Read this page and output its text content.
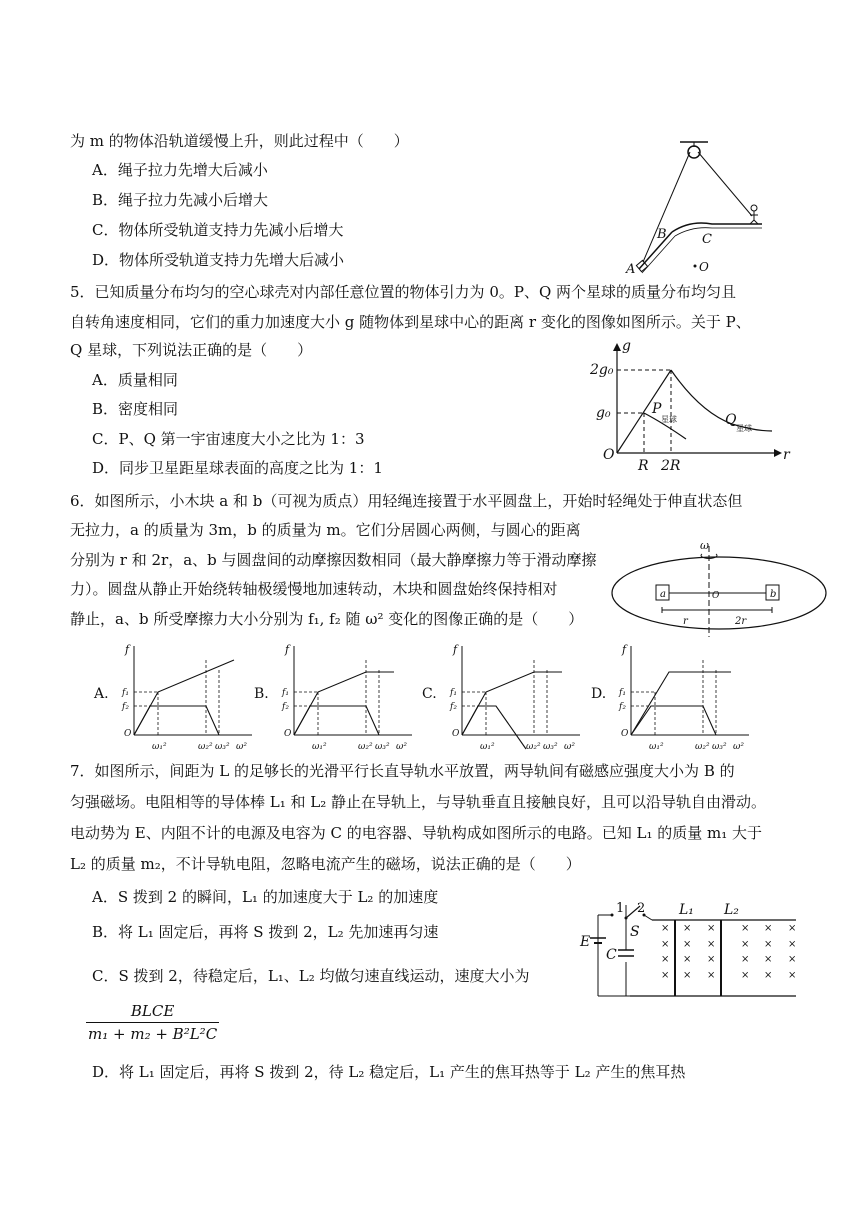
为 m 的物体沿轨道缓慢上升，则此过程中（　　）
A．绳子拉力先增大后减小
B．绳子拉力先减小后增大
C．物体所受轨道支持力先减小后增大
D．物体所受轨道支持力先增大后减小
A
B	C
O
5．已知质量分布均匀的空心球壳对内部任意位置的物体引力为 0。P、Q 两个星球的质量分布均匀且
自转角速度相同，它们的重力加速度大小 g 随物体到星球中心的距离 r 变化的图像如图所示。关于 P、
Q 星球，下列说法正确的是（　　）
A．质量相同
B．密度相同
C．P、Q 第一宇宙速度大小之比为 1：3
D．同步卫星距星球表面的高度之比为 1：1
g
r
O
2g₀
g₀
R 2R
P
星球	Q
星球
6．如图所示，小木块 a 和 b（可视为质点）用轻绳连接置于水平圆盘上，开始时轻绳处于伸直状态但
无拉力，a 的质量为 3m，b 的质量为 m。它们分居圆心两侧，与圆心的距离
分别为 r 和 2r，a、b 与圆盘间的动摩擦因数相同（最大静摩擦力等于滑动摩擦
力）。圆盘从静止开始绕转轴极缓慢地加速转动，木块和圆盘始终保持相对
静止，a、b 所受摩擦力大小分别为 f₁, f₂ 随 ω² 变化的图像正确的是（　　）
ω
a	b
O
r	2r
A.
f
O
f₁
f₂
ω₁²	ω₂² ω₃² ω²
B.
f
O
f₁
f₂
ω₁²	ω₂² ω₃² ω²
C.
f
O
f₁
f₂
ω₁²	ω₂² ω₃² ω²
D.
f
O
f₁
f₂
ω₁²	ω₂² ω₃² ω²
7．如图所示，间距为 L 的足够长的光滑平行长直导轨水平放置，两导轨间有磁感应强度大小为 B 的
匀强磁场。电阻相等的导体棒 L₁ 和 L₂ 静止在导轨上，与导轨垂直且接触良好，且可以沿导轨自由滑动。
电动势为 E、内阻不计的电源及电容为 C 的电容器、导轨构成如图所示的电路。已知 L₁ 的质量 m₁ 大于
L₂ 的质量 m₂，不计导轨电阻，忽略电流产生的磁场，说法正确的是（　　）
A．S 拨到 2 的瞬间，L₁ 的加速度大于 L₂ 的加速度
B．将 L₁ 固定后，再将 S 拨到 2，L₂ 先加速再匀速
C．S 拨到 2，待稳定后，L₁、L₂ 均做匀速直线运动，速度大小为
BLCE
m₁ + m₂ + B²L²C
D．将 L₁ 固定后，再将 S 拨到 2，待 L₂ 稳定后，L₁ 产生的焦耳热等于 L₂ 产生的焦耳热
E
C
1 2
S
L₁ L₂
× × ×	× × ×
× × ×	× × ×
× × ×	× × ×
× × ×	× × ×
